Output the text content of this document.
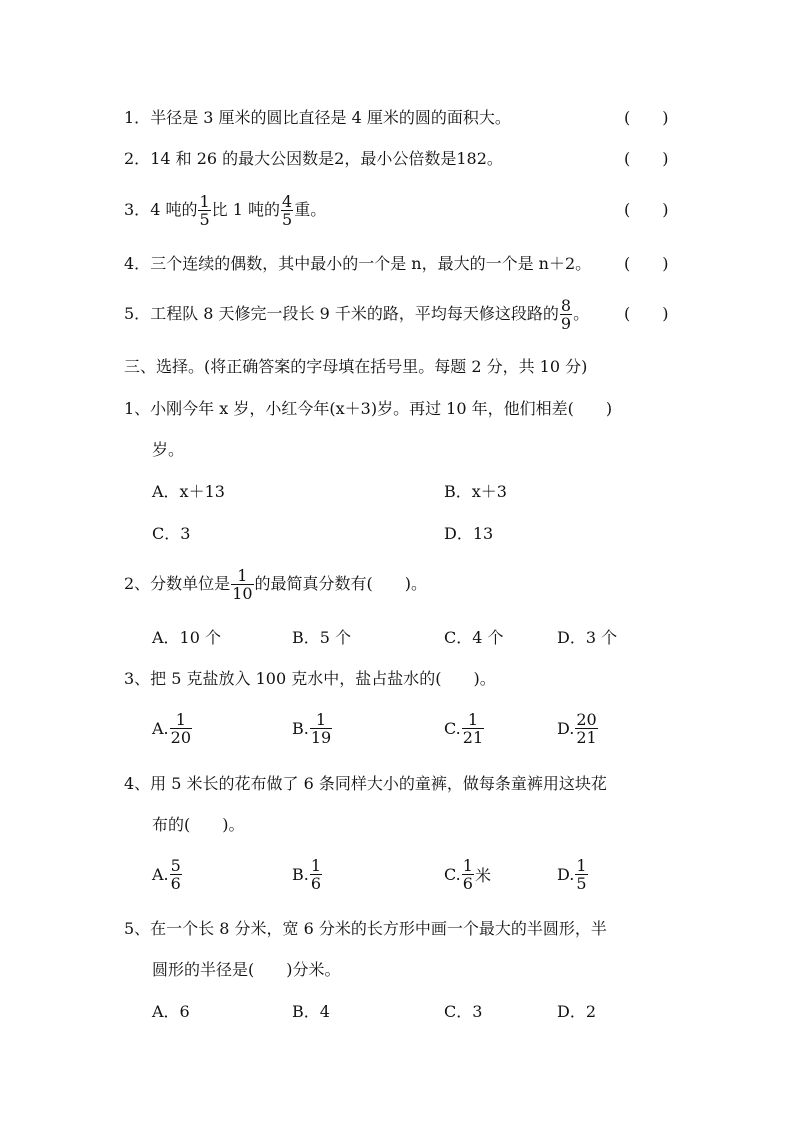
1．半径是 3 厘米的圆比直径是 4 厘米的圆的面积大。	(　　)
2．14 和 26 的最大公因数是2，最小公倍数是182。	(　　)
3．4 吨的 $\frac{1}{5}$ 比 1 吨的 $\frac{4}{5}$ 重。	(　　)
4．三个连续的偶数，其中最小的一个是 n，最大的一个是 n＋2。 (　　)
5．工程队 8 天修完一段长 9 千米的路，平均每天修这段路的 $\frac{8}{9}$ 。 (　　)
三、选择。(将正确答案的字母填在括号里。每题 2 分，共 10 分)
1、小刚今年 x 岁，小红今年(x＋3)岁。再过 10 年，他们相差(　　)
岁。
A．x＋13	B．x＋3
C．3	D．13
2、分数单位是 $\frac{1}{10}$ 的最简真分数有(　　)。
A．10 个	B．5 个	C．4 个	D．3 个
3、把 5 克盐放入 100 克水中，盐占盐水的(　　)。
A. $\frac{1}{20}$	B. $\frac{1}{19}$	C. $\frac{1}{21}$	D. $\frac{20}{21}$
4、用 5 米长的花布做了 6 条同样大小的童裤，做每条童裤用这块花
布的(　　)。
A. $\frac{5}{6}$	B. $\frac{1}{6}$	C. $\frac{1}{6}$ 米	D. $\frac{1}{5}$
5、在一个长 8 分米，宽 6 分米的长方形中画一个最大的半圆形，半
圆形的半径是(　　)分米。
A．6	B．4	C．3	D．2
